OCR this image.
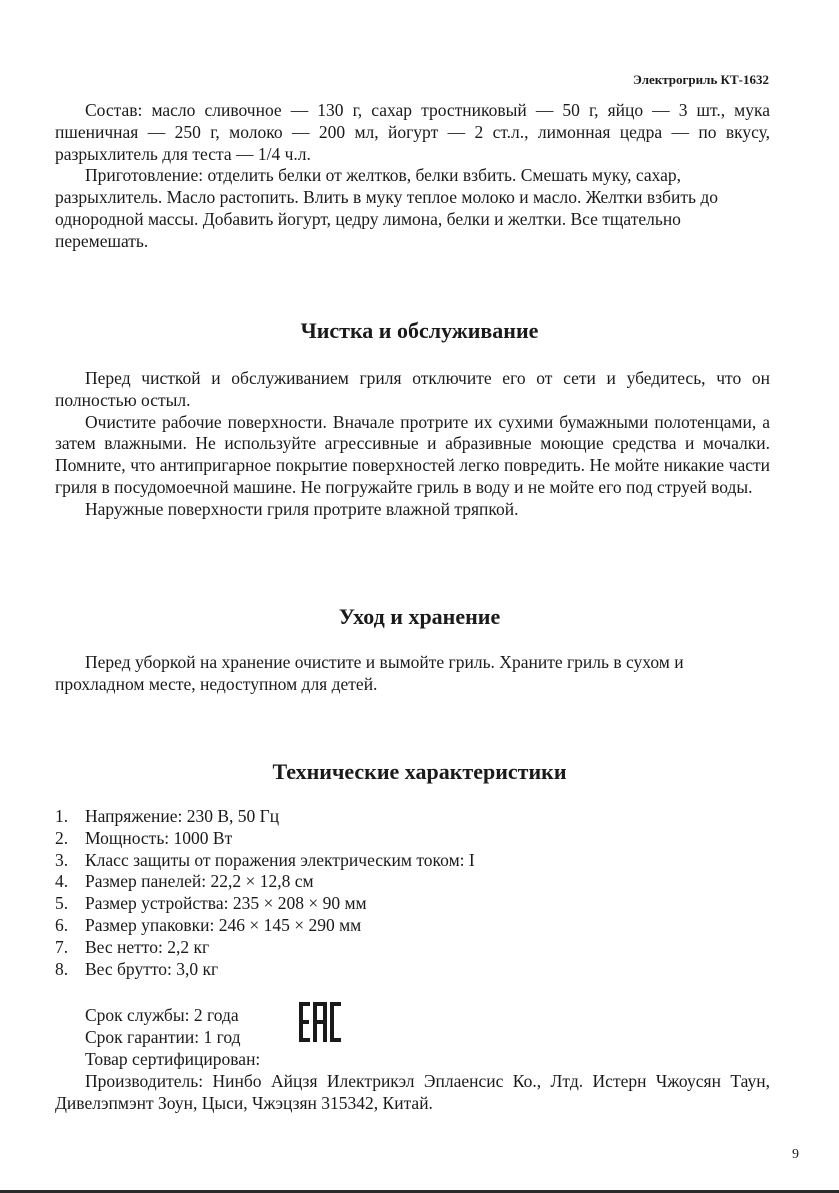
Электрогриль КТ-1632

Состав: масло сливочное — 130 г, сахар тростниковый — 50 г, яйцо — 3 шт., мука пшеничная — 250 г, молоко — 200 мл, йогурт — 2 ст.л., лимонная цедра — по вкусу, разрыхлитель для теста — 1/4 ч.л.

Приготовление: отделить белки от желтков, белки взбить. Смешать муку, сахар, разрыхлитель. Масло растопить. Влить в муку теплое молоко и масло. Желтки взбить до однородной массы. Добавить йогурт, цедру лимона, белки и желтки. Все тщательно перемешать.

Чистка и обслуживание

Перед чисткой и обслуживанием гриля отключите его от сети и убедитесь, что он полностью остыл.

Очистите рабочие поверхности. Вначале протрите их сухими бумажными полотенцами, а затем влажными. Не используйте агрессивные и абразивные моющие средства и мочалки. Помните, что антипригарное покрытие поверхностей легко повредить. Не мойте никакие части гриля в посудомоечной машине. Не погружайте гриль в воду и не мойте его под струей воды.

Наружные поверхности гриля протрите влажной тряпкой.

Уход и хранение

Перед уборкой на хранение очистите и вымойте гриль. Храните гриль в сухом и прохладном месте, недоступном для детей.

Технические характеристики
1. Напряжение: 230 В, 50 Гц
2. Мощность: 1000 Вт
3. Класс защиты от поражения электрическим током: I
4. Размер панелей: 22,2 × 12,8 см
5. Размер устройства: 235 × 208 × 90 мм
6. Размер упаковки: 246 × 145 × 290 мм
7. Вес нетто: 2,2 кг
8. Вес брутто: 3,0 кг
Срок службы: 2 года
Срок гарантии: 1 год
Товар сертифицирован:

Производитель: Нинбо Айцзя Илектрикэл Эплаенсис Ко., Лтд. Истерн Чжоусян Таун, Дивелэпмэнт Зоун, Цыси, Чжэцзян 315342, Китай.

9
